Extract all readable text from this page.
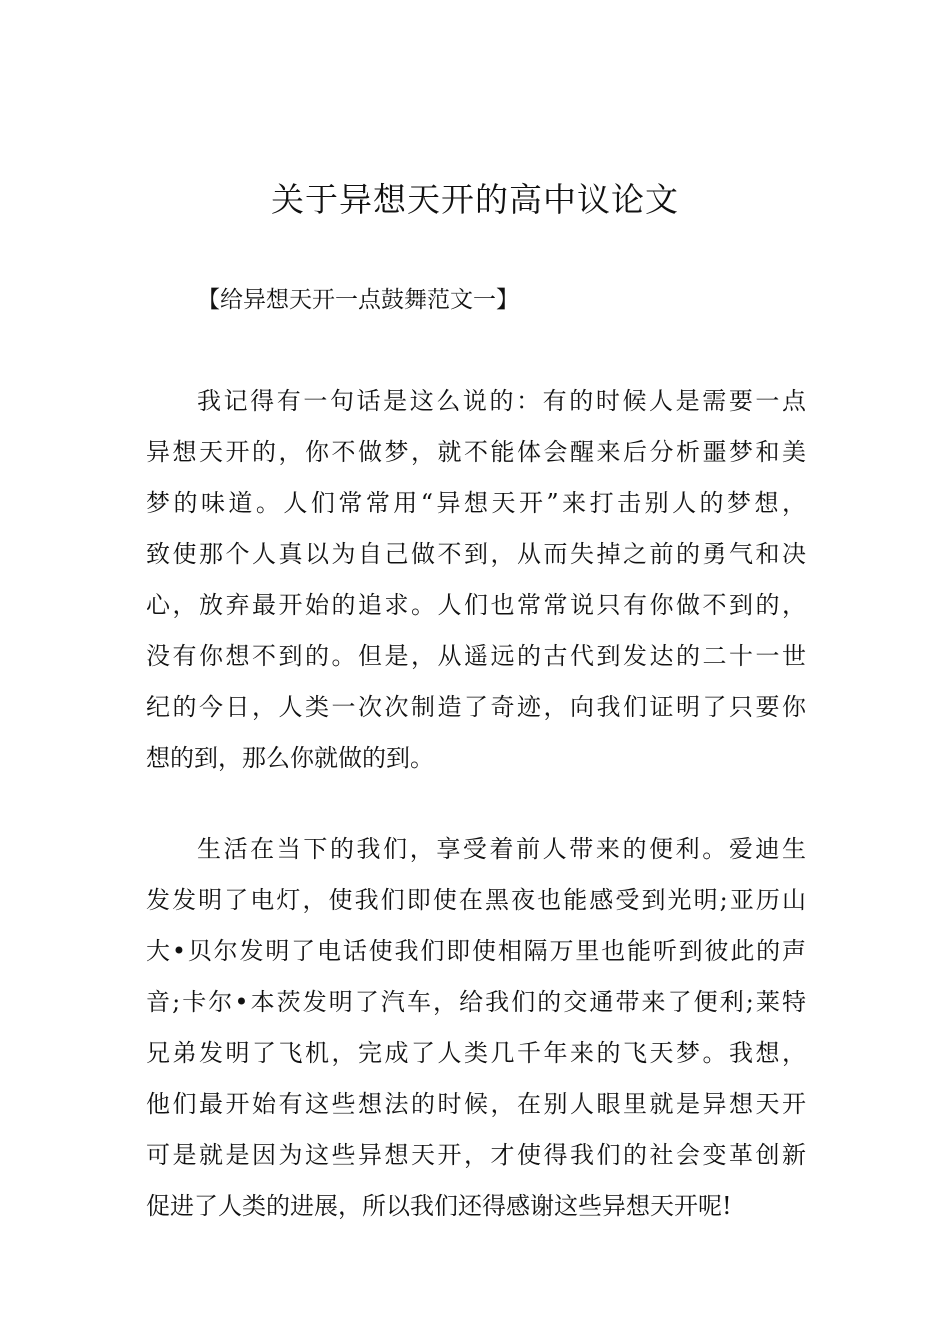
关于异想天开的高中议论文

【给异想天开一点鼓舞范文一】

我记得有一句话是这么说的：有的时候人是需要一点
异想天开的，你不做梦，就不能体会醒来后分析噩梦和美
梦的味道。人们常常用“异想天开”来打击别人的梦想，
致使那个人真以为自己做不到，从而失掉之前的勇气和决
心，放弃最开始的追求。人们也常常说只有你做不到的，
没有你想不到的。但是，从遥远的古代到发达的二十一世
纪的今日，人类一次次制造了奇迹，向我们证明了只要你
想的到，那么你就做的到。
生活在当下的我们，享受着前人带来的便利。爱迪生
发发明了电灯，使我们即使在黑夜也能感受到光明;亚历山
大•贝尔发明了电话使我们即使相隔万里也能听到彼此的声
音;卡尔•本茨发明了汽车，给我们的交通带来了便利;莱特
兄弟发明了飞机，完成了人类几千年来的飞天梦。我想，
他们最开始有这些想法的时候，在别人眼里就是异想天开
可是就是因为这些异想天开，才使得我们的社会变革创新
促进了人类的进展，所以我们还得感谢这些异想天开呢!
